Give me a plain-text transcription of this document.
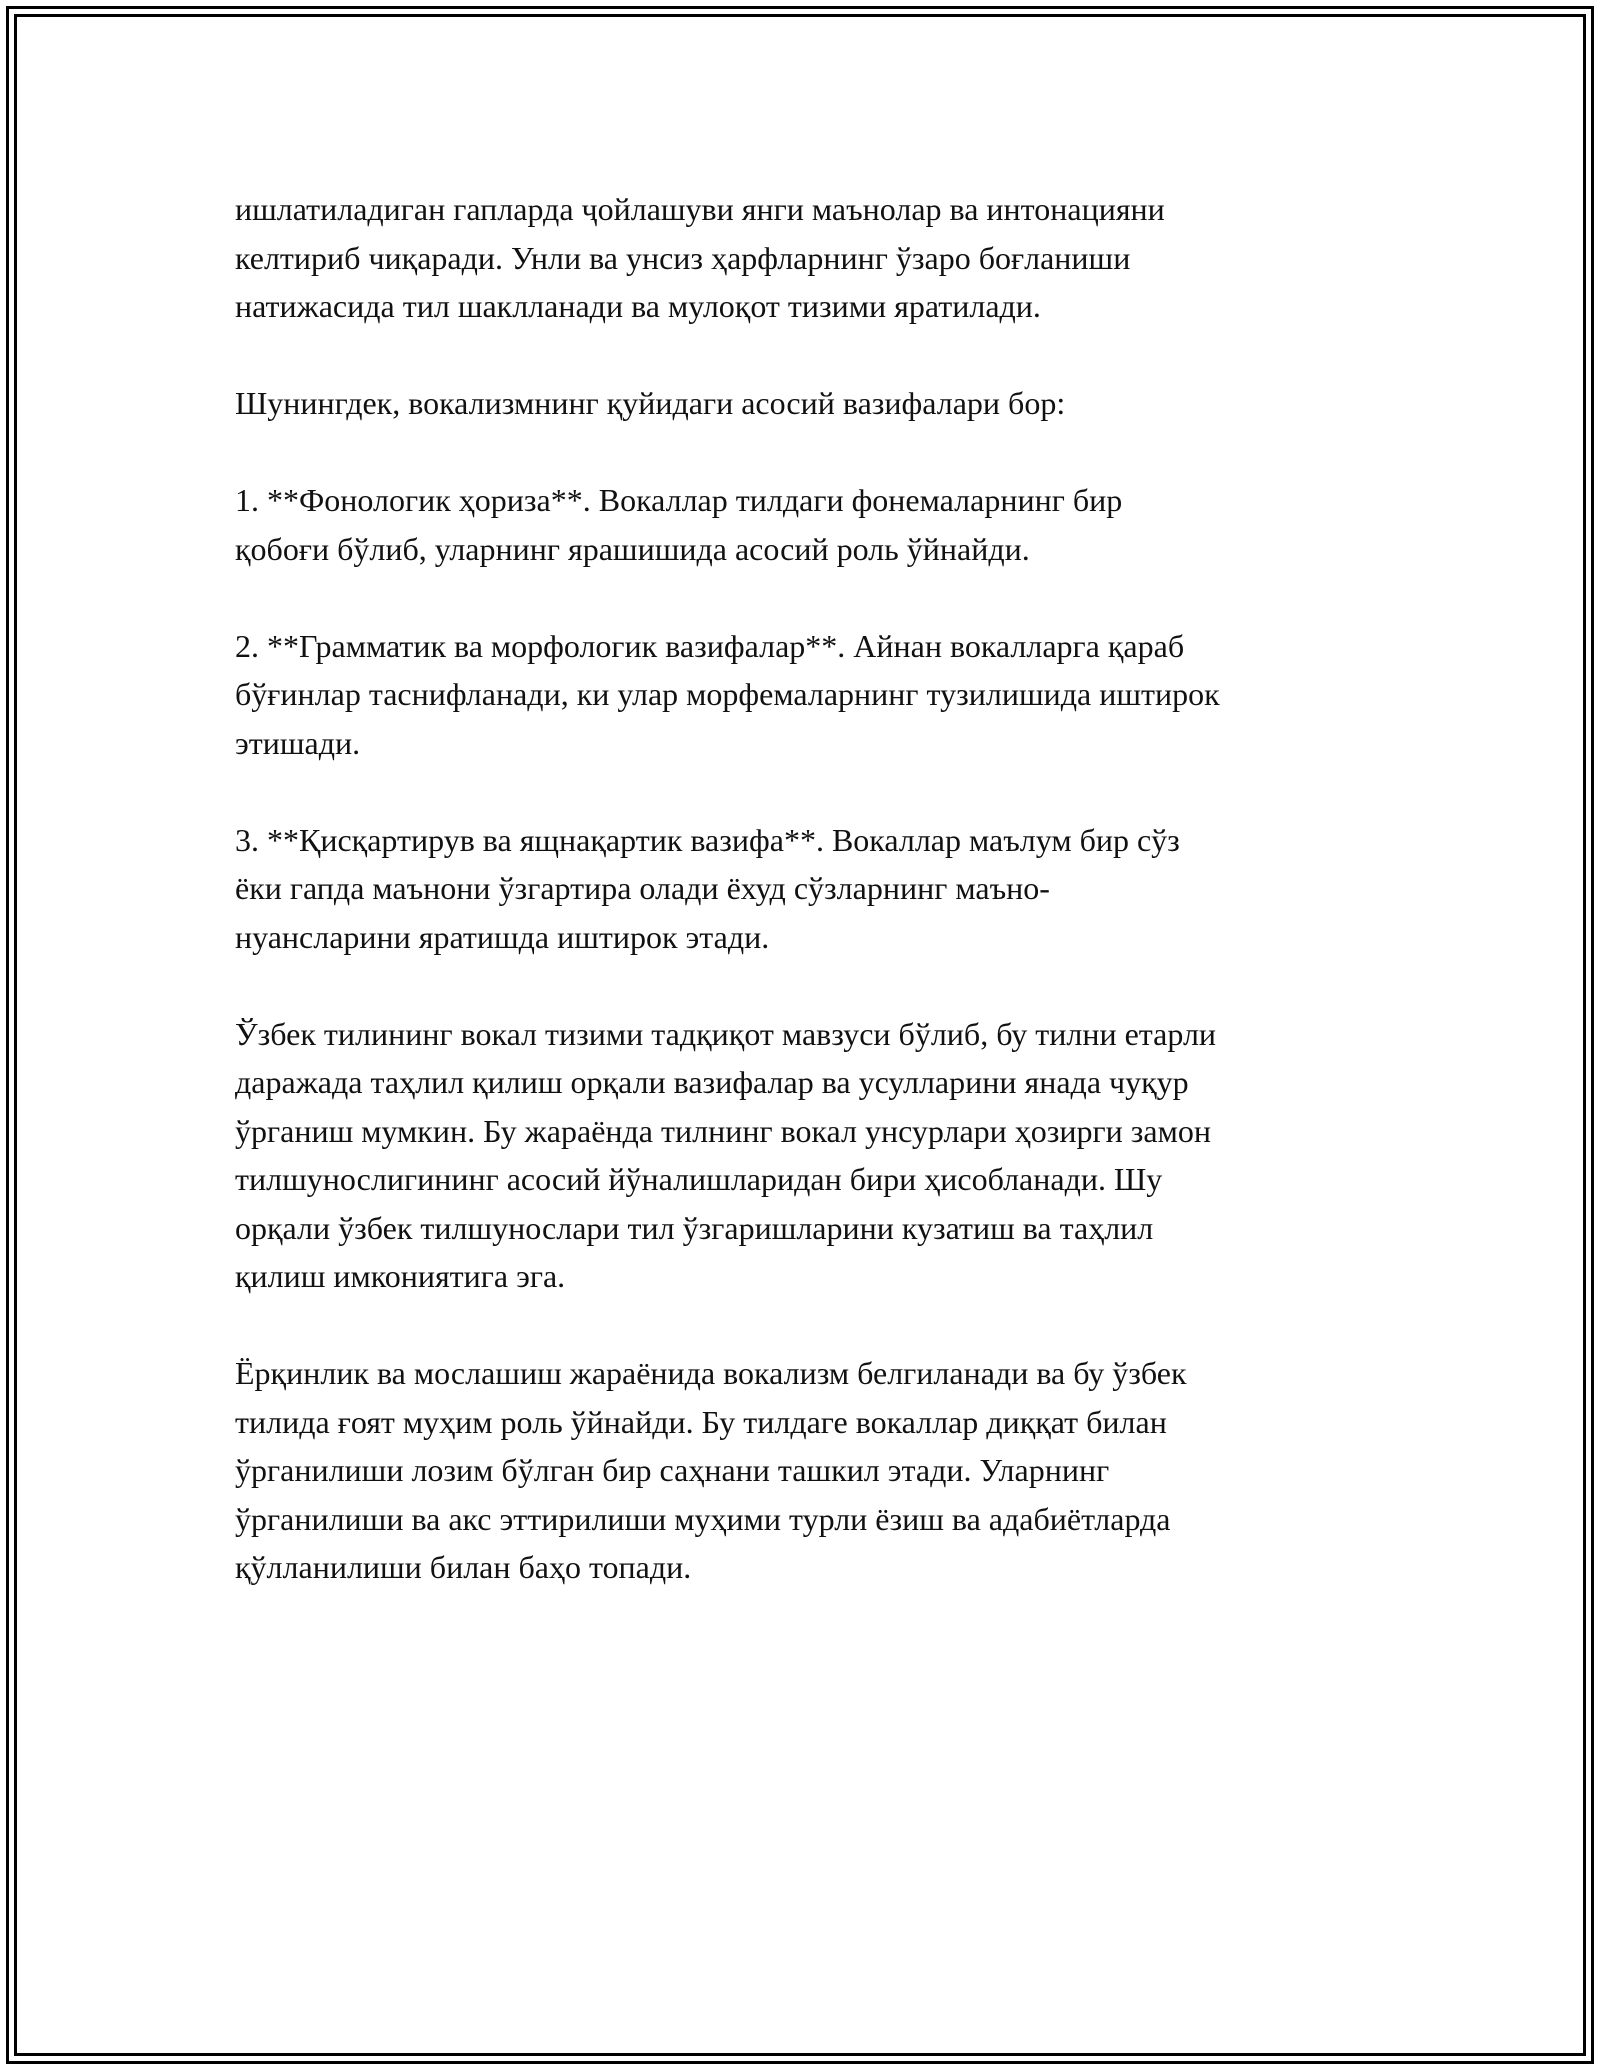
ишлатиладиган гапларда ҷойлашуви янги маънолар ва интонацияни
келтириб чиқаради. Унли ва унсиз ҳарфларнинг ўзаро боғланиши
натижасида тил шаклланади ва мулоқот тизими яратилади.

Шунингдек, вокализмнинг қуйидаги асосий вазифалари бор:

1. **Фонологик ҳориза**. Вокаллар тилдаги фонемаларнинг бир
қобоғи бўлиб, уларнинг ярашишида асосий роль ўйнайди.

2. **Грамматик ва морфологик вазифалар**. Айнан вокалларга қараб
бўғинлар таснифланади, ки улар морфемаларнинг тузилишида иштирок
этишади.

3. **Қисқартирув ва ящнақартик вазифа**. Вокаллар маълум бир сўз
ёки гапда маънони ўзгартира олади ёхуд сўзларнинг маъно-
нуансларини яратишда иштирок этади.

Ўзбек тилининг вокал тизими тадқиқот мавзуси бўлиб, бу тилни етарли
даражада таҳлил қилиш орқали вазифалар ва усулларини янада чуқур
ўрганиш мумкин. Бу жараёнда тилнинг вокал унсурлари ҳозирги замон
тилшунослигининг асосий йўналишларидан бири ҳисобланади. Шу
орқали ўзбек тилшунослари тил ўзгаришларини кузатиш ва таҳлил
қилиш имкониятига эга.

Ёрқинлик ва мослашиш жараёнида вокализм белгиланади ва бу ўзбек
тилида ғоят муҳим роль ўйнайди. Бу тилдаге вокаллар диққат билан
ўрганилиши лозим бўлган бир саҳнани ташкил этади. Уларнинг
ўрганилиши ва акс эттирилиши муҳими турли ёзиш ва адабиётларда
қўлланилиши билан баҳо топади.
